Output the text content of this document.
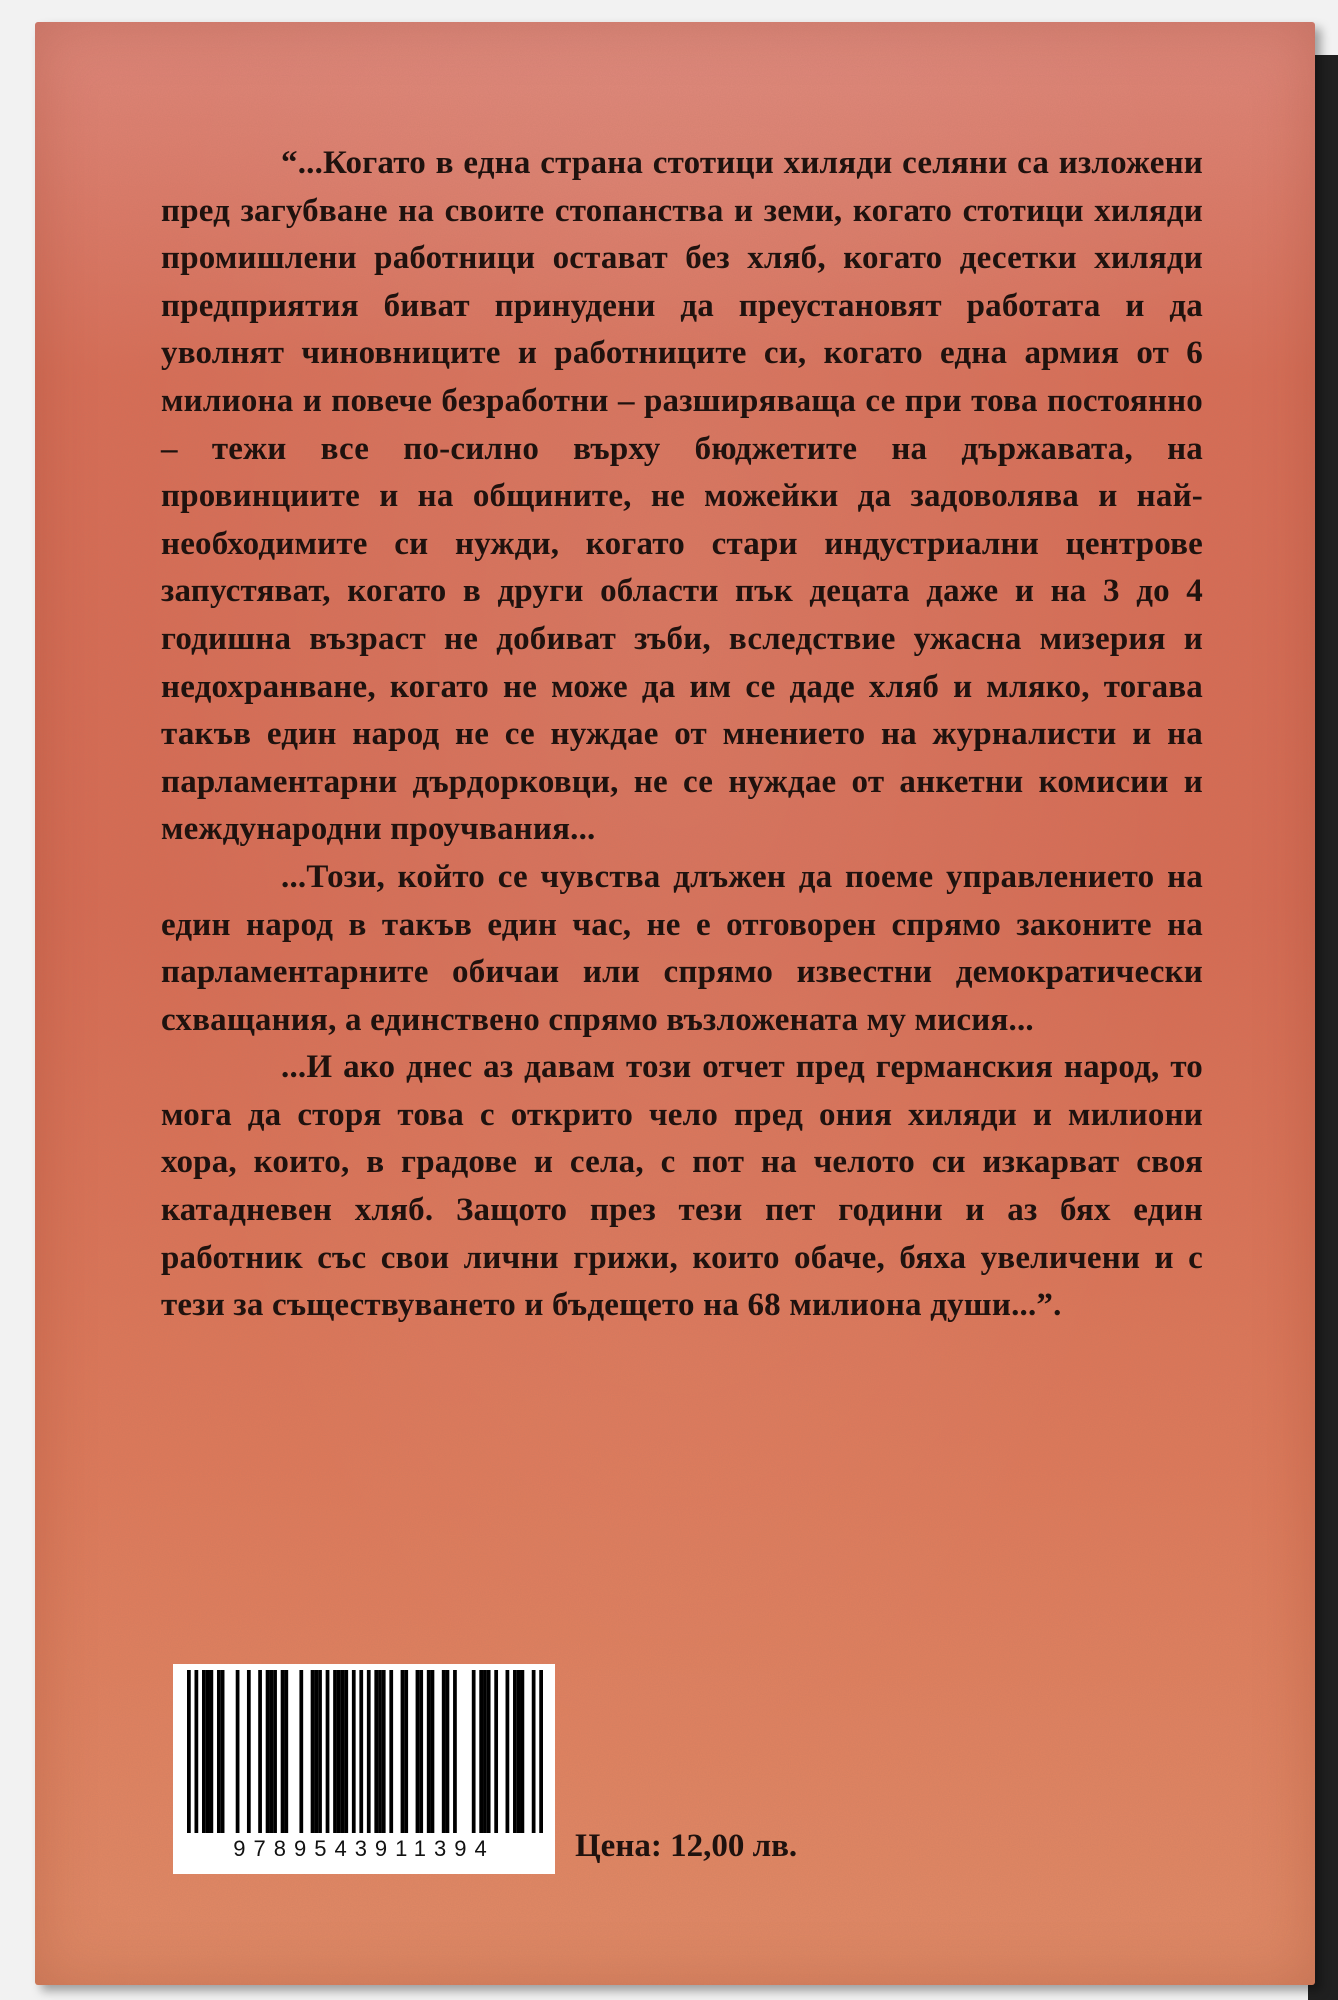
“...Когато в една страна стотици хиляди селяни са изложени пред загубване на своите стопанства и земи, когато стотици хиляди промишлени работници остават без хляб, когато десетки хиляди предприятия биват принудени да преустановят работата и да уволнят чиновниците и работниците си, когато една армия от 6 милиона и повече безработни – разширяваща се при това постоянно – тежи все по-силно върху бюджетите на държавата, на провинциите и на общините, не можейки да задоволява и най-необходимите си нужди, когато стари индустриални центрове запустяват, когато в други области пък децата даже и на 3 до 4 годишна възраст не добиват зъби, вследствие ужасна мизерия и недохранване, когато не може да им се даде хляб и мляко, тогава такъв един народ не се нуждае от мнението на журналисти и на парламентарни дърдорковци, не се нуждае от анкетни комисии и международни проучвания...

...Този, който се чувства длъжен да поеме управлението на един народ в такъв един час, не е отговорен спрямо законите на парламентарните обичаи или спрямо известни демократически схващания, а единствено спрямо възложената му мисия...

...И ако днес аз давам този отчет пред германския народ, то мога да сторя това с открито чело пред ония хиляди и милиони хора, които, в градове и села, с пот на челото си изкарват своя катадневен хляб. Защото през тези пет години и аз бях един работник със свои лични грижи, които обаче, бяха увеличени и с тези за съществуването и бъдещето на 68 милиона души...”.

9789543911394	Цена: 12,00 лв.
